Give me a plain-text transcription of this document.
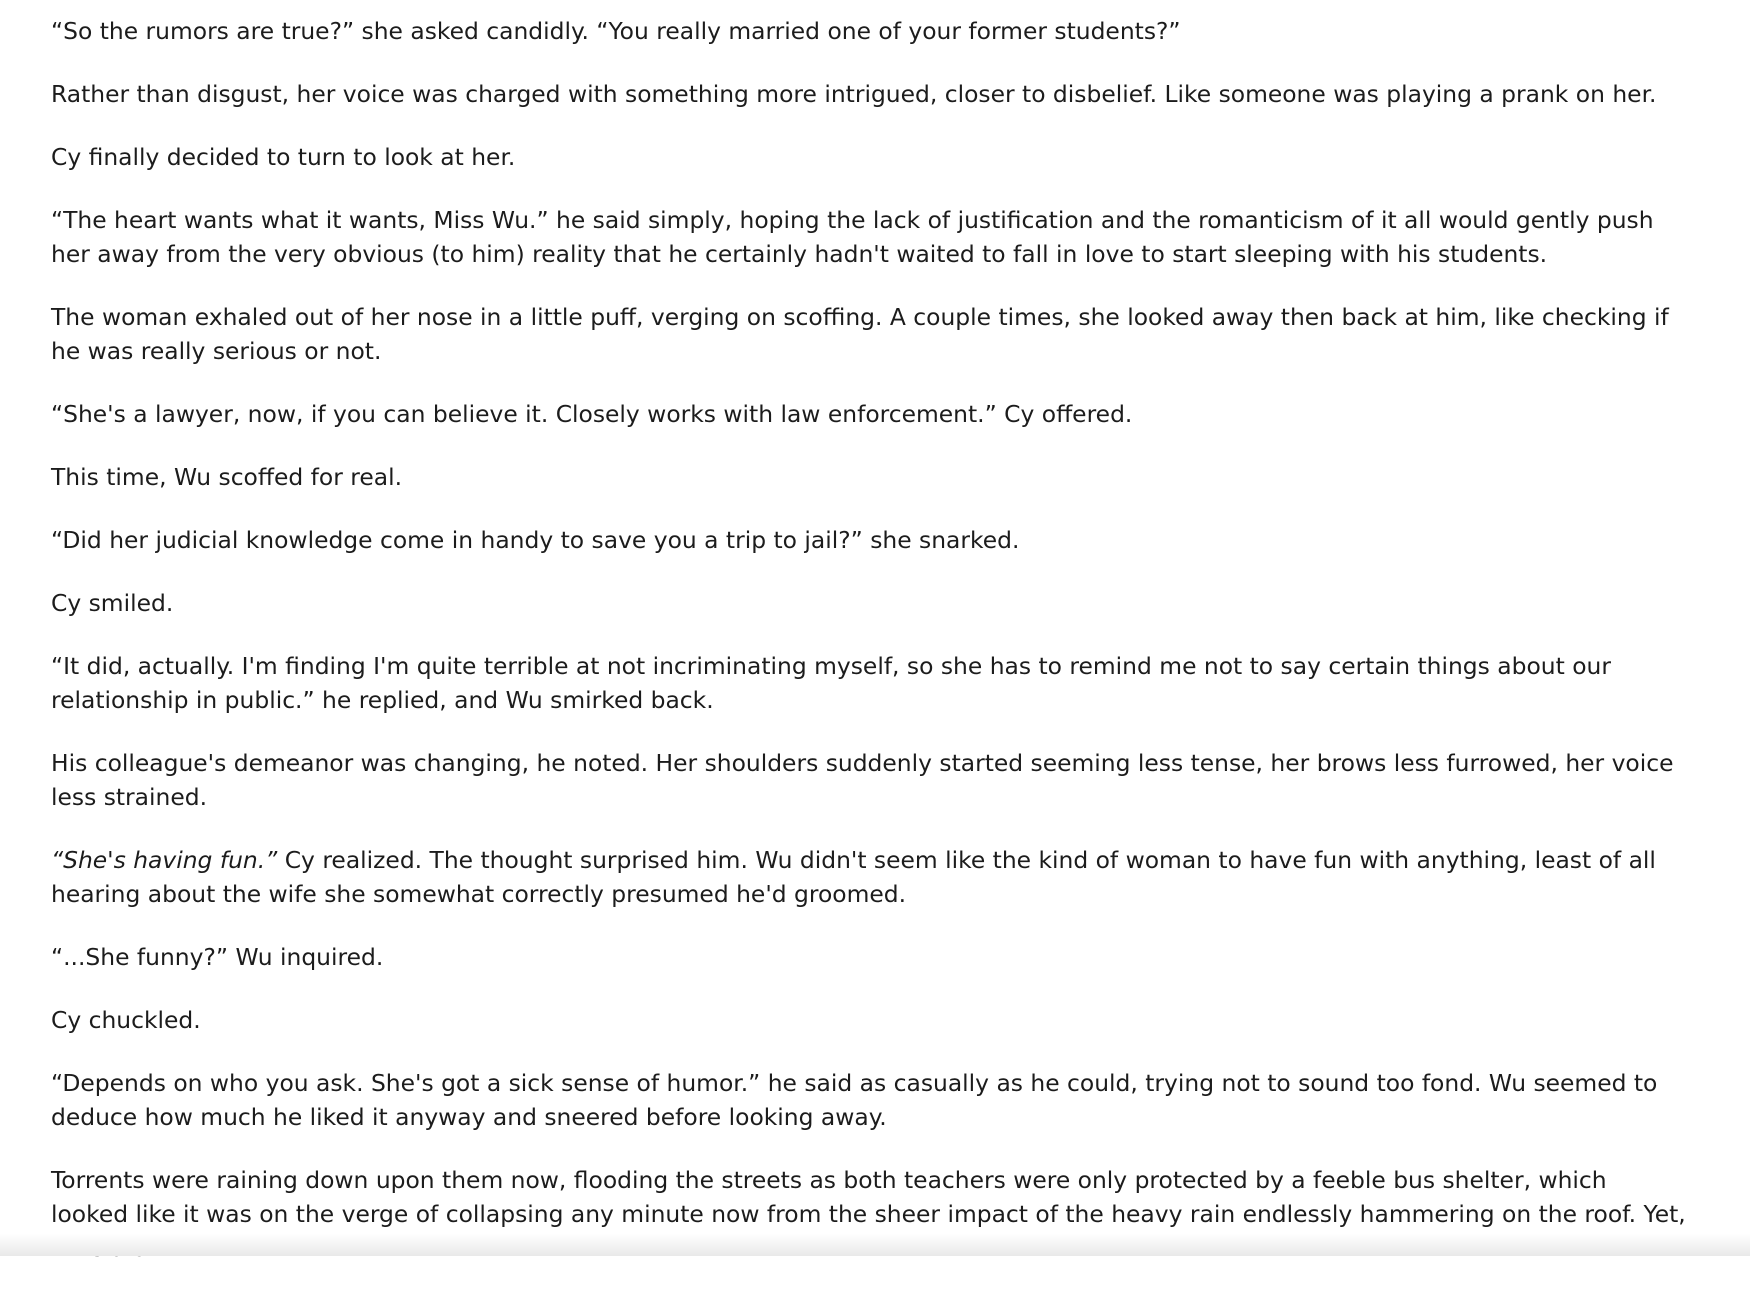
“So the rumors are true?” she asked candidly. “You really married one of your former students?”

Rather than disgust, her voice was charged with something more intrigued, closer to disbelief. Like someone was playing a prank on her.

Cy finally decided to turn to look at her.

“The heart wants what it wants, Miss Wu.” he said simply, hoping the lack of justification and the romanticism of it all would gently push her away from the very obvious (to him) reality that he certainly hadn't waited to fall in love to start sleeping with his students.

The woman exhaled out of her nose in a little puff, verging on scoffing. A couple times, she looked away then back at him, like checking if he was really serious or not.

“She's a lawyer, now, if you can believe it. Closely works with law enforcement.” Cy offered.

This time, Wu scoffed for real.

“Did her judicial knowledge come in handy to save you a trip to jail?” she snarked.

Cy smiled.

“It did, actually. I'm finding I'm quite terrible at not incriminating myself, so she has to remind me not to say certain things about our relationship in public.” he replied, and Wu smirked back.

His colleague's demeanor was changing, he noted. Her shoulders suddenly started seeming less tense, her brows less furrowed, her voice less strained.

“She's having fun.” Cy realized. The thought surprised him. Wu didn't seem like the kind of woman to have fun with anything, least of all hearing about the wife she somewhat correctly presumed he'd groomed.

“...She funny?” Wu inquired.

Cy chuckled.

“Depends on who you ask. She's got a sick sense of humor.” he said as casually as he could, trying not to sound too fond. Wu seemed to deduce how much he liked it anyway and sneered before looking away.

Torrents were raining down upon them now, flooding the streets as both teachers were only protected by a feeble bus shelter, which looked like it was on the verge of collapsing any minute now from the sheer impact of the heavy rain endlessly hammering on the roof. Yet,
